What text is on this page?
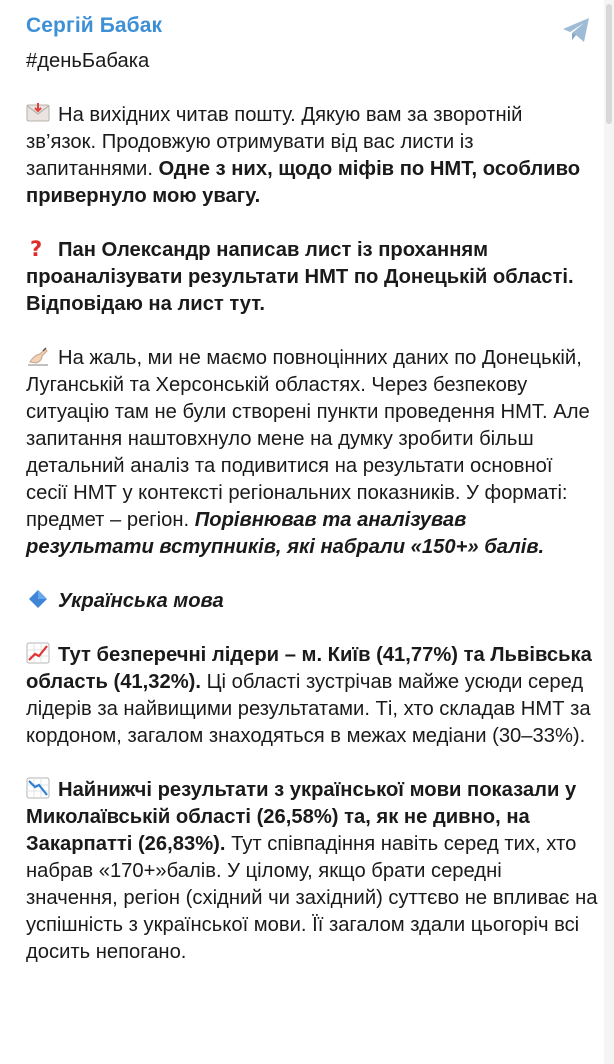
Сергій Бабак

#деньБабака

На вихідних читав пошту. Дякую вам за зворотній зв’язок. Продовжую отримувати від вас листи із запитаннями. Одне з них, щодо міфів по НМТ, особливо привернуло мою увагу.

? Пан Олександр написав лист із проханням проаналізувати результати НМТ по Донецькій області. Відповідаю на лист тут.

На жаль, ми не маємо повноцінних даних по Донецькій, Луганській та Херсонській областях. Через безпекову ситуацію там не були створені пункти проведення НМТ. Але запитання наштовхнуло мене на думку зробити більш детальний аналіз та подивитися на результати основної сесії НМТ у контексті регіональних показників. У форматі: предмет – регіон. Порівнював та аналізував результати вступників, які набрали «150+» балів.

Українська мова

Тут безперечні лідери – м. Київ (41,77%) та Львівська область (41,32%). Ці області зустрічав майже усюди серед лідерів за найвищими результатами. Ті, хто складав НМТ за кордоном, загалом знаходяться в межах медіани (30–33%).

Найнижчі результати з української мови показали у Миколаївській області (26,58%) та, як не дивно, на Закарпатті (26,83%). Тут співпадіння навіть серед тих, хто набрав «170+»балів. У цілому, якщо брати середні значення, регіон (східний чи західний) суттєво не впливає на успішність з української мови. Її загалом здали цьогоріч всі досить непогано.
